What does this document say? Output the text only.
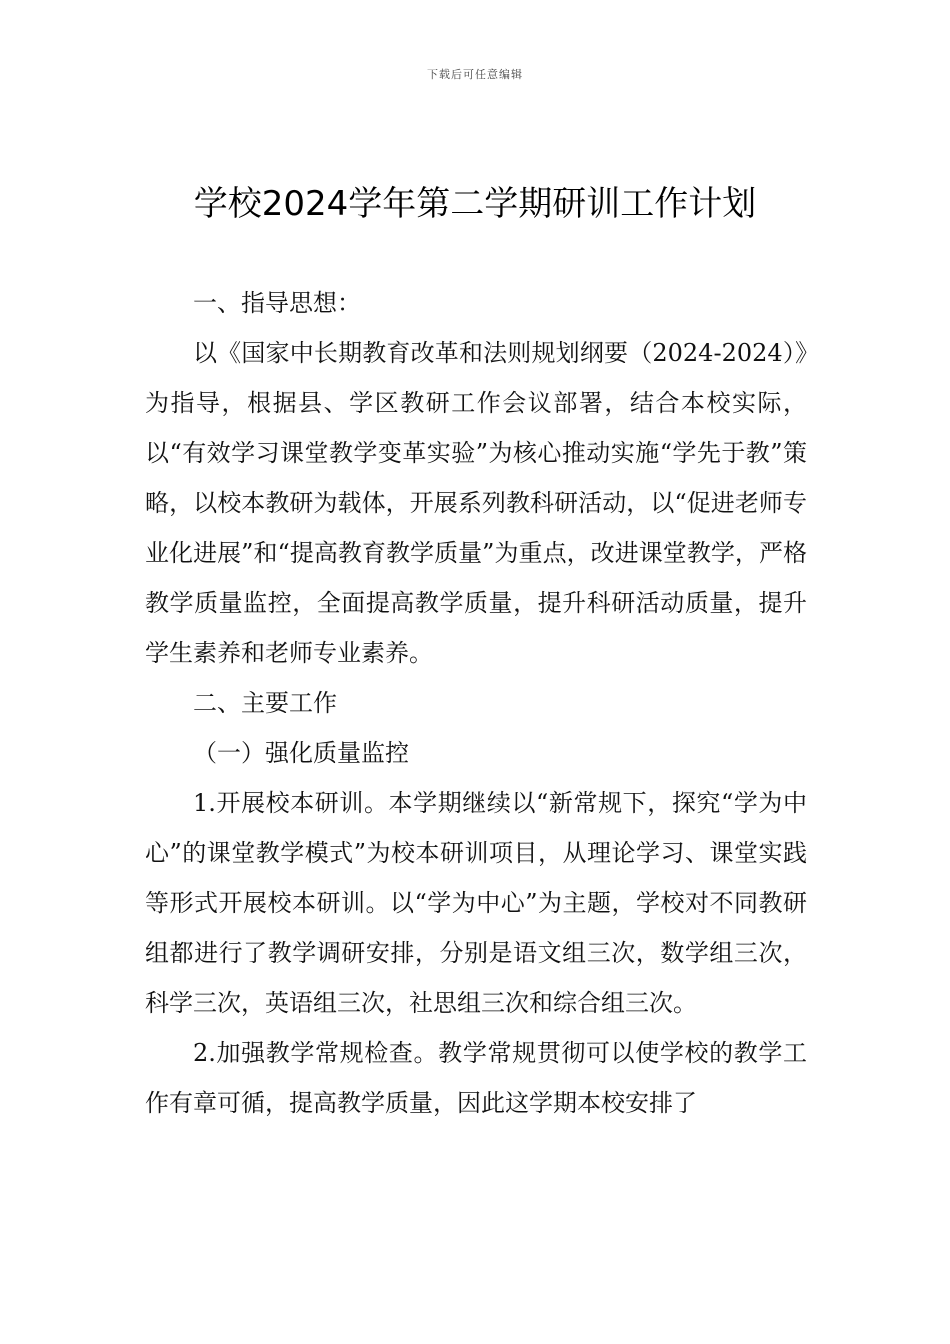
下载后可任意编辑
学校2024学年第二学期研训工作计划

一、指导思想：

以《国家中长期教育改革和法则规划纲要（2024-2024）》为指导，根据县、学区教研工作会议部署，结合本校实际，以“有效学习课堂教学变革实验”为核心推动实施“学先于教”策略，以校本教研为载体，开展系列教科研活动，以“促进老师专业化进展”和“提高教育教学质量”为重点，改进课堂教学，严格教学质量监控，全面提高教学质量，提升科研活动质量，提升学生素养和老师专业素养。

二、主要工作

（一）强化质量监控

1.开展校本研训。本学期继续以“新常规下，探究“学为中心”的课堂教学模式”为校本研训项目，从理论学习、课堂实践等形式开展校本研训。以“学为中心”为主题，学校对不同教研组都进行了教学调研安排，分别是语文组三次，数学组三次，科学三次，英语组三次，社思组三次和综合组三次。

2.加强教学常规检查。教学常规贯彻可以使学校的教学工作有章可循，提高教学质量，因此这学期本校安排了
